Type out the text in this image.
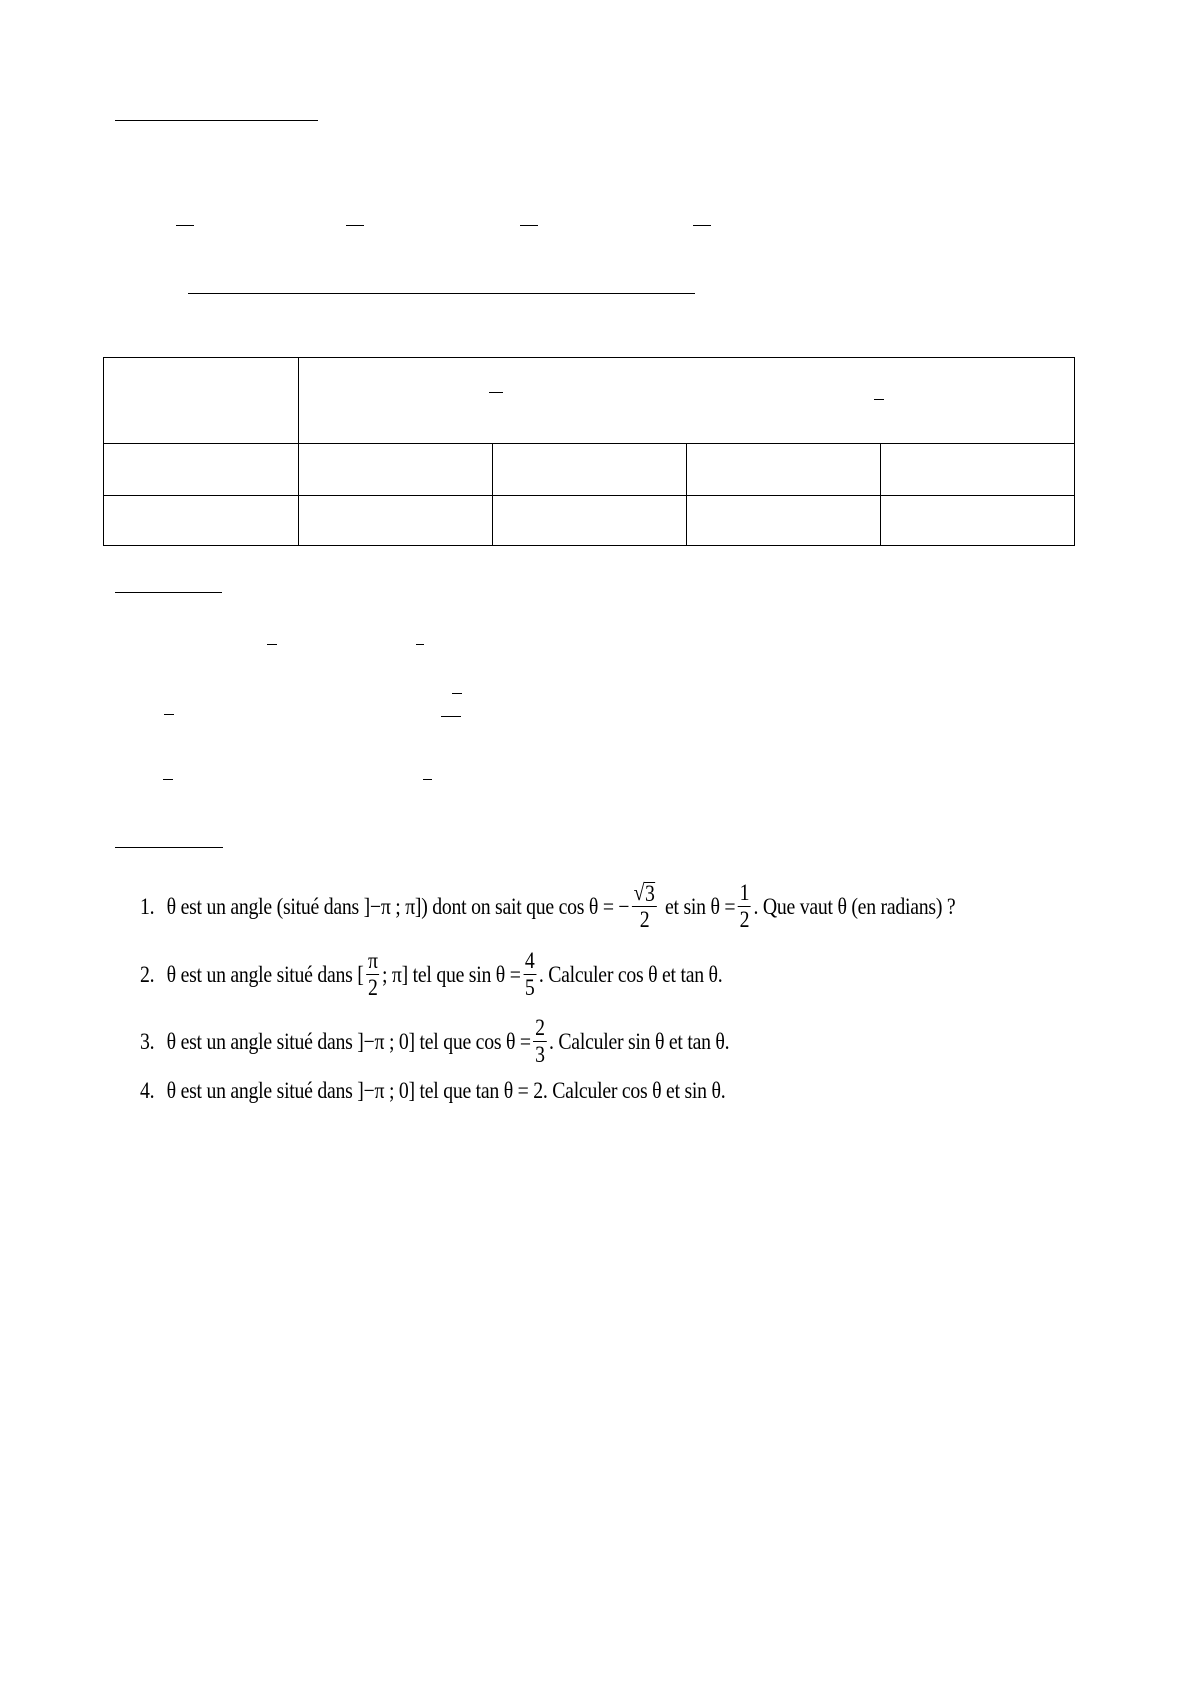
1. θ est un angle (situé dans ]−π ; π]) dont on sait que cos θ = − $\frac{√ 3}{2}$ et $\sin \theta = \frac{1}{2}$ . Que vaut θ (en radians) ?
2. θ est un angle situé dans [ $\frac{\pi}{2}$ ; π] tel que $\sin \theta = \frac{4}{5}$ . Calculer cos θ et tan θ.
3. θ est un angle situé dans ]−π ; 0] tel que $\cos \theta = \frac{2}{3}$ . Calculer sin θ et tan θ.
4. θ est un angle situé dans ]−π ; 0] tel que tan θ = 2. Calculer cos θ et sin θ.
